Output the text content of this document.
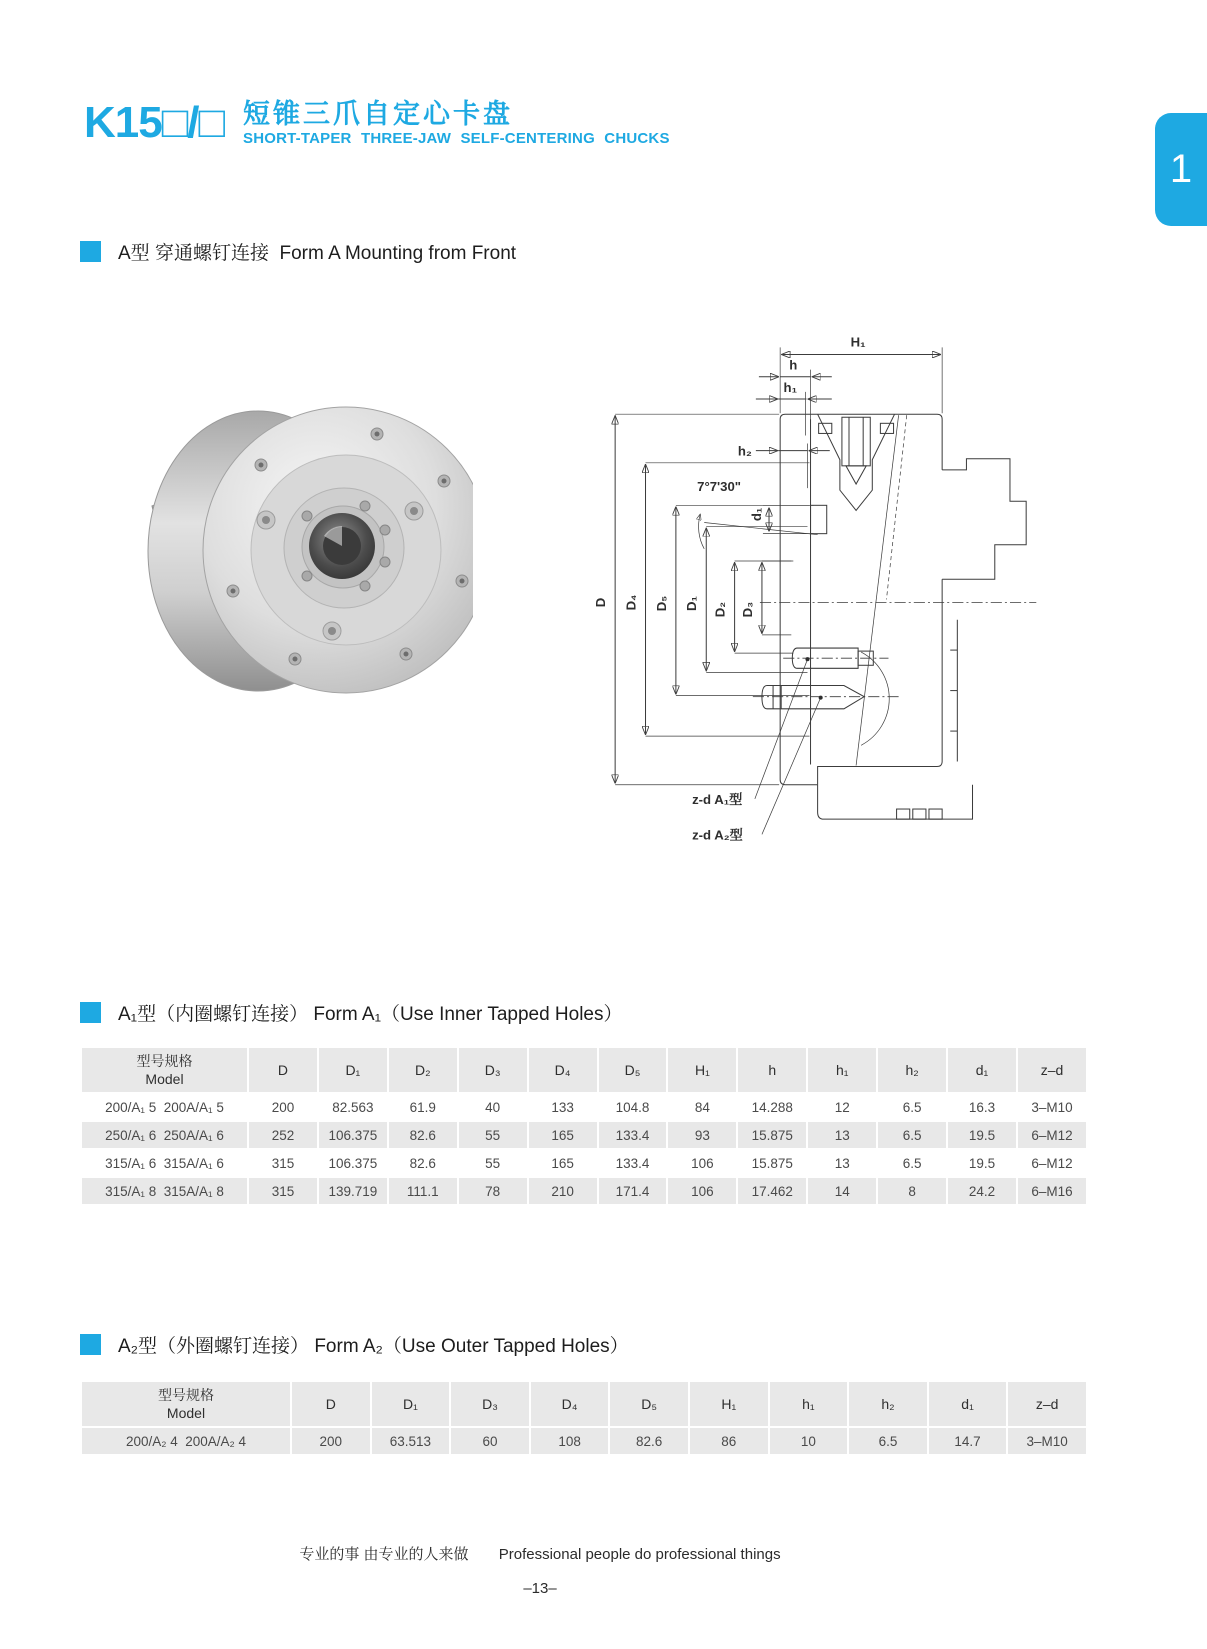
K15□/□ 短锥三爪自定心卡盘
SHORT-TAPER THREE-JAW SELF-CENTERING CHUCKS
1
A型 穿通螺钉连接  Form A Mounting from Front
H₁
h
h₁
h₂
7°7'30"
d₁
D D₄ D₅ D₁ D₂ D₃
z-d A₁型
z-d A₂型
A₁型（内圈螺钉连接） Form A₁（Use Inner Tapped Holes）
型号规格
Model	D	D₁	D₂	D₃	D₄	D₅	H₁	h	h₁	h₂	d₁	z–d
200/A₁ 5  200A/A₁ 5	200	82.563	61.9	40	133	104.8	84	14.288	12	6.5	16.3	3–M10
250/A₁ 6  250A/A₁ 6	252	106.375	82.6	55	165	133.4	93	15.875	13	6.5	19.5	6–M12
315/A₁ 6  315A/A₁ 6	315	106.375	82.6	55	165	133.4	106	15.875	13	6.5	19.5	6–M12
315/A₁ 8  315A/A₁ 8	315	139.719	111.1	78	210	171.4	106	17.462	14	8	24.2	6–M16
A₂型（外圈螺钉连接） Form A₂（Use Outer Tapped Holes）
型号规格
Model	D	D₁	D₃	D₄	D₅	H₁	h₁	h₂	d₁	z–d
200/A₂ 4  200A/A₂ 4	200	63.513	60	108	82.6	86	10	6.5	14.7	3–M10
专业的事 由专业的人来做 Professional people do professional things
–13–
